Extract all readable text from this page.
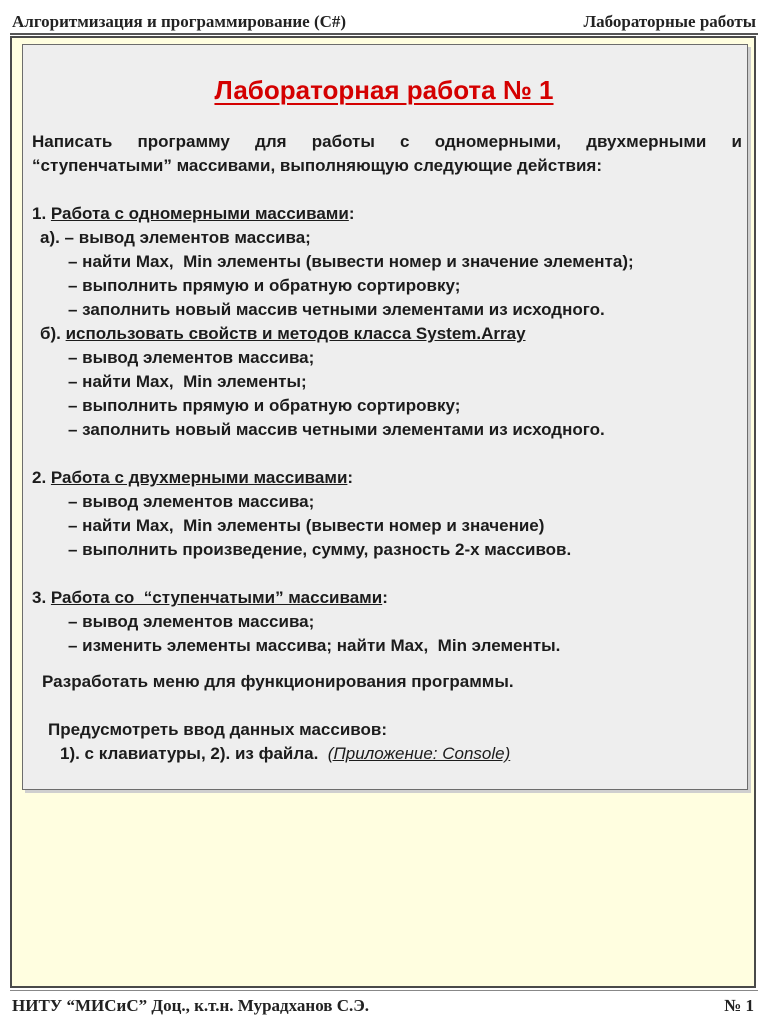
Алгоритмизация и программирование (C#)	Лабораторные работы
Лабораторная работа № 1

Написать программу для работы с одномерными, двухмерными и “ступенчатыми” массивами, выполняющую следующие действия:

1. Работа с одномерными массивами:
а). – вывод элементов массива;
– найти Max,  Min элементы (вывести номер и значение элемента);
– выполнить прямую и обратную сортировку;
– заполнить новый массив четными элементами из исходного.
б). использовать свойств и методов класса System.Array
– вывод элементов массива;
– найти Max,  Min элементы;
– выполнить прямую и обратную сортировку;
– заполнить новый массив четными элементами из исходного.
2. Работа с двухмерными массивами:
– вывод элементов массива;
– найти Max,  Min элементы (вывести номер и значение)
– выполнить произведение, сумму, разность 2-х массивов.
3. Работа со  “ступенчатыми” массивами:
– вывод элементов массива;
– изменить элементы массива; найти Max,  Min элементы.
Разработать меню для функционирования программы.
Предусмотреть ввод данных массивов:
1). с клавиатуры, 2). из файла. (Приложение: Console)
НИТУ “МИСиС” Доц., к.т.н. Мурадханов С.Э.	№ 1
